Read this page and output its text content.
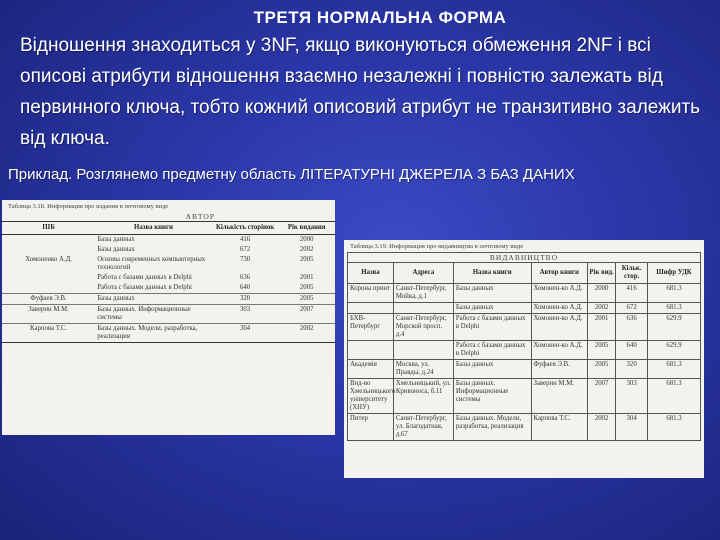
ТРЕТЯ НОРМАЛЬНА ФОРМА
Відношення знаходиться у 3NF, якщо виконуються обмеження 2NF і всі описові атрибути відношення взаємно незалежні і повністю залежать від первинного ключа, тобто кожний описовий атрибут не транзитивно залежить від ключа.
Приклад. Розглянемо предметну область ЛІТЕРАТУРНІ ДЖЕРЕЛА З БАЗ ДАНИХ
Таблица 3.18. Информация про издания в почтовому виде
АВТОР
ПІБ	Назва книги	Кількість сторінок	Рік видання
	Базы данных	416	2000
	Базы данных	672	2002
Хомоненко А.Д.	Основы современных компьютерных технологий	730	2005
	Работа с базами данных в Delphi	636	2001
	Работа с базами данных в Delphi	640	2005
Фуфаев Э.В.	Базы данных	320	2005
Заверин М.М.	Базы данных. Информационные системы	303	2007
Карпова Т.С.	Базы данных. Модели, разработка, реализация	304	2002
Таблица 3.19. Информация про видавництва в почтовому виде
ВИДАВНИЦТВО
Назва	Адреса	Назва книги	Автор книги	Рік вид.	Кільк. стор.	Шифр УДК
Корона принт	Санкт-Петербург, Мойка, д.1	Базы данных	Хомонен-ко А.Д.	2000	416	681.3
		Базы данных	Хомонен-ко А.Д.	2002	672	681.3
БХВ-Петербург	Санкт-Петербург, Морской просп. д.4	Работа с базами данных в Delphi	Хомонен-ко А.Д.	2001	636	629.9
		Работа с базами данных в Delphi	Хомонен-ко А.Д.	2005	640	629.9
Академія	Москва, ул. Правды, д.24	Базы данных	Фуфаев Э.В.	2005	320	681.3
Вид-во Хмельницького університету (ХНУ)	Хмельницький, ул. Кривоноса, б.11	Базы данных. Информационные системы	Заверин М.М.	2007	303	681.3
Питер	Санкт-Петербург, ул. Благодатная, д.67	Базы данных. Модели, разработка, реализация	Карпова Т.С.	2002	304	681.3
